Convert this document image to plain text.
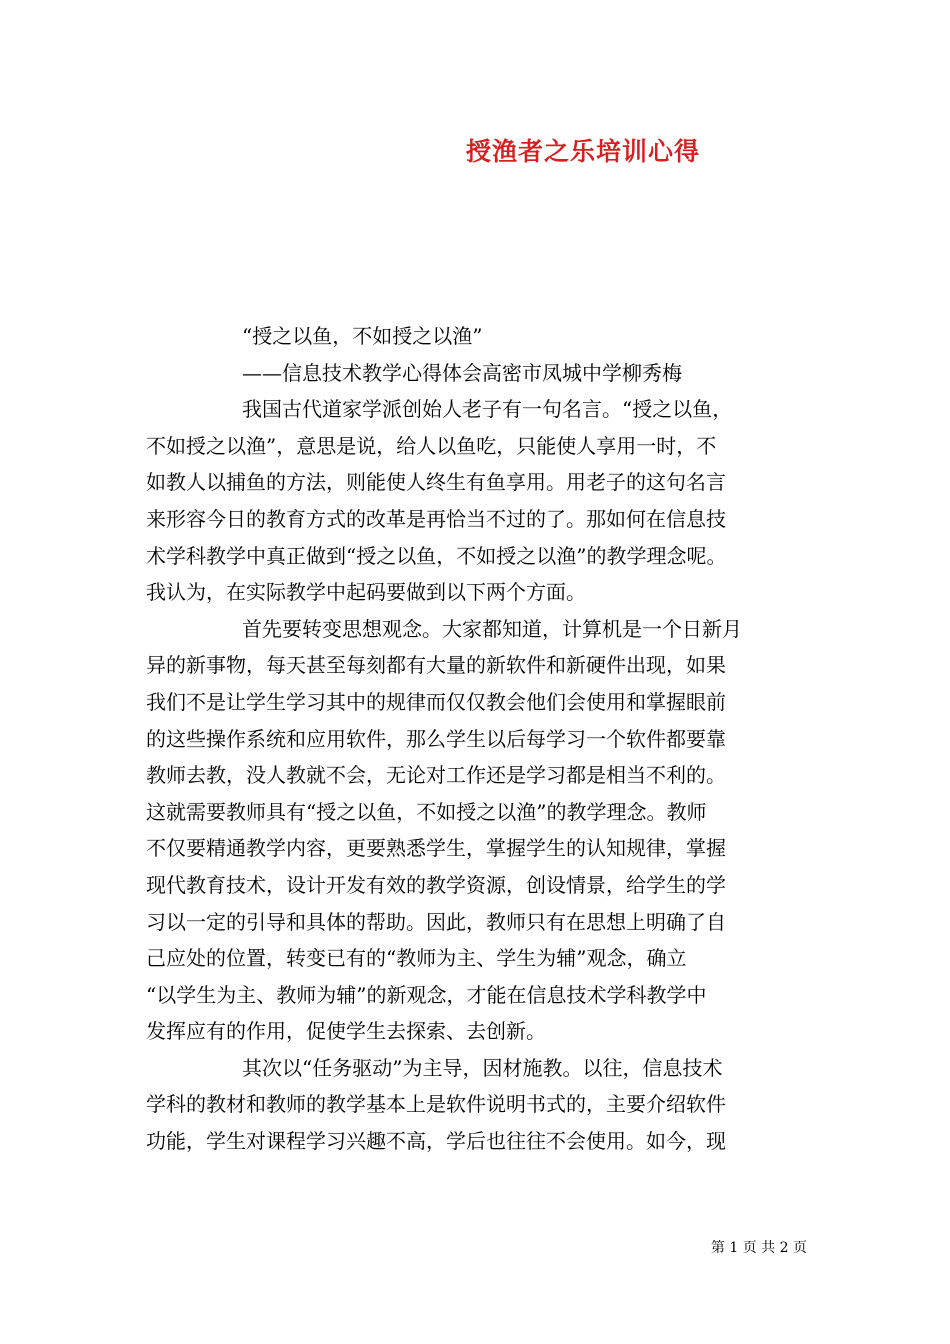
授渔者之乐培训心得
“授之以鱼，不如授之以渔”
——信息技术教学心得体会高密市凤城中学柳秀梅
我国古代道家学派创始人老子有一句名言。“授之以鱼，
不如授之以渔”，意思是说，给人以鱼吃，只能使人享用一时，不
如教人以捕鱼的方法，则能使人终生有鱼享用。用老子的这句名言
来形容今日的教育方式的改革是再恰当不过的了。那如何在信息技
术学科教学中真正做到“授之以鱼，不如授之以渔”的教学理念呢。
我认为，在实际教学中起码要做到以下两个方面。
首先要转变思想观念。大家都知道，计算机是一个日新月
异的新事物，每天甚至每刻都有大量的新软件和新硬件出现，如果
我们不是让学生学习其中的规律而仅仅教会他们会使用和掌握眼前
的这些操作系统和应用软件，那么学生以后每学习一个软件都要靠
教师去教，没人教就不会，无论对工作还是学习都是相当不利的。
这就需要教师具有“授之以鱼，不如授之以渔”的教学理念。教师
不仅要精通教学内容，更要熟悉学生，掌握学生的认知规律，掌握
现代教育技术，设计开发有效的教学资源，创设情景，给学生的学
习以一定的引导和具体的帮助。因此，教师只有在思想上明确了自
己应处的位置，转变已有的“教师为主、学生为辅”观念，确立
“以学生为主、教师为辅”的新观念，才能在信息技术学科教学中
发挥应有的作用，促使学生去探索、去创新。
其次以“任务驱动”为主导，因材施教。以往，信息技术
学科的教材和教师的教学基本上是软件说明书式的，主要介绍软件
功能，学生对课程学习兴趣不高，学后也往往不会使用。如今，现
第 1 页 共 2 页
